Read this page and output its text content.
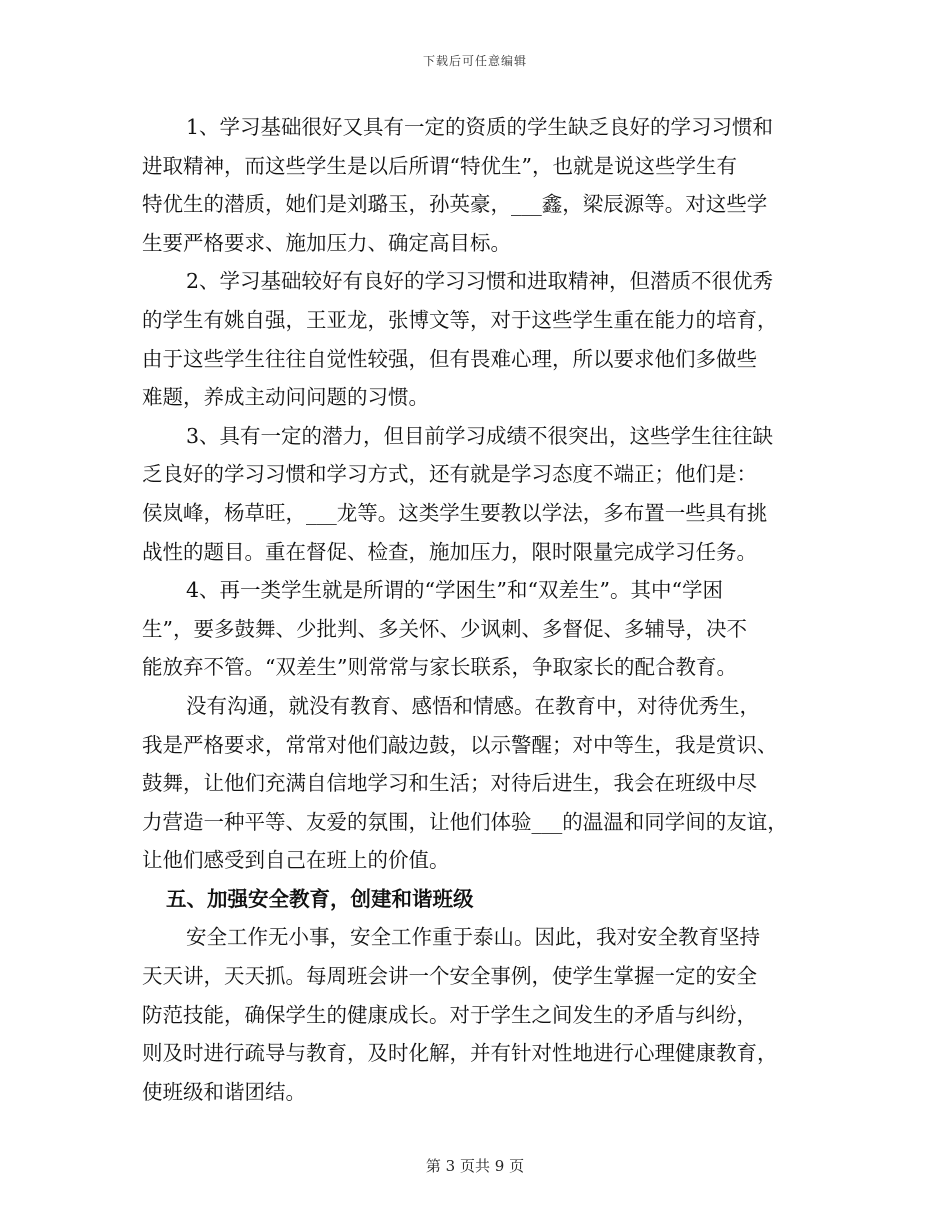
下载后可任意编辑
1、学习基础很好又具有一定的资质的学生缺乏良好的学习习惯和
进取精神，而这些学生是以后所谓“特优生”，也就是说这些学生有
特优生的潜质，她们是刘璐玉，孙英豪，___鑫，梁辰源等。对这些学
生要严格要求、施加压力、确定高目标。
2、学习基础较好有良好的学习习惯和进取精神，但潜质不很优秀
的学生有姚自强，王亚龙，张博文等，对于这些学生重在能力的培育，
由于这些学生往往自觉性较强，但有畏难心理，所以要求他们多做些
难题，养成主动问问题的习惯。
3、具有一定的潜力，但目前学习成绩不很突出，这些学生往往缺
乏良好的学习习惯和学习方式，还有就是学习态度不端正；他们是：
侯岚峰，杨草旺，___龙等。这类学生要教以学法，多布置一些具有挑
战性的题目。重在督促、检查，施加压力，限时限量完成学习任务。
4、再一类学生就是所谓的“学困生”和“双差生”。其中“学困
生”，要多鼓舞、少批判、多关怀、少讽刺、多督促、多辅导，决不
能放弃不管。“双差生”则常常与家长联系，争取家长的配合教育。
没有沟通，就没有教育、感悟和情感。在教育中，对待优秀生，
我是严格要求，常常对他们敲边鼓，以示警醒；对中等生，我是赏识、
鼓舞，让他们充满自信地学习和生活；对待后进生，我会在班级中尽
力营造一种平等、友爱的氛围，让他们体验___的温温和同学间的友谊，
让他们感受到自己在班上的价值。
五、加强安全教育，创建和谐班级
安全工作无小事，安全工作重于泰山。因此，我对安全教育坚持
天天讲，天天抓。每周班会讲一个安全事例，使学生掌握一定的安全
防范技能，确保学生的健康成长。对于学生之间发生的矛盾与纠纷，
则及时进行疏导与教育，及时化解，并有针对性地进行心理健康教育，
使班级和谐团结。
第 3 页共 9 页
